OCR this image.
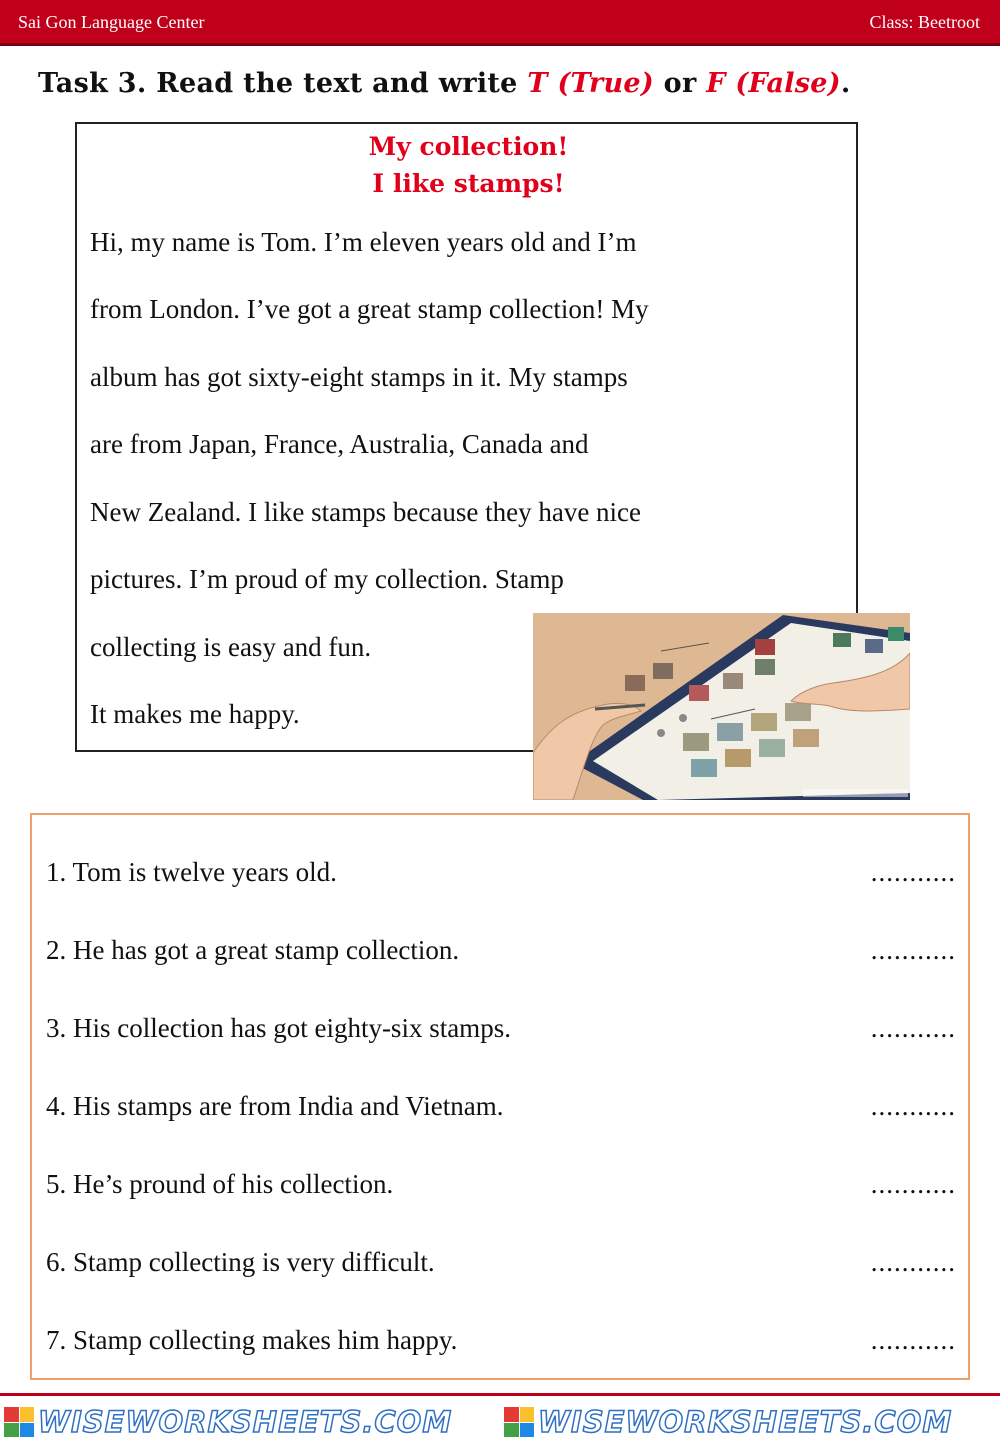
Sai Gon Language Center	Class: Beetroot
Task 3. Read the text and write T (True) or F (False).
My collection!
I like stamps!
Hi, my name is Tom. I’m eleven years old and I’m
from London. I’ve got a great stamp collection! My
album has got sixty-eight stamps in it. My stamps
are from Japan, France, Australia, Canada and
New Zealand. I like stamps because they have nice
pictures. I’m proud of my collection. Stamp
collecting is easy and fun.
It makes me happy.
1. Tom is twelve years old.	...........
2. He has got a great stamp collection.	...........
3. His collection has got eighty-six stamps.	...........
4. His stamps are from India and Vietnam.	...........
5. He’s pround of his collection.	...........
6. Stamp collecting is very difficult.	...........
7. Stamp collecting makes him happy.	...........
WISEWORKSHEETS.COM	WISEWORKSHEETS.COM
